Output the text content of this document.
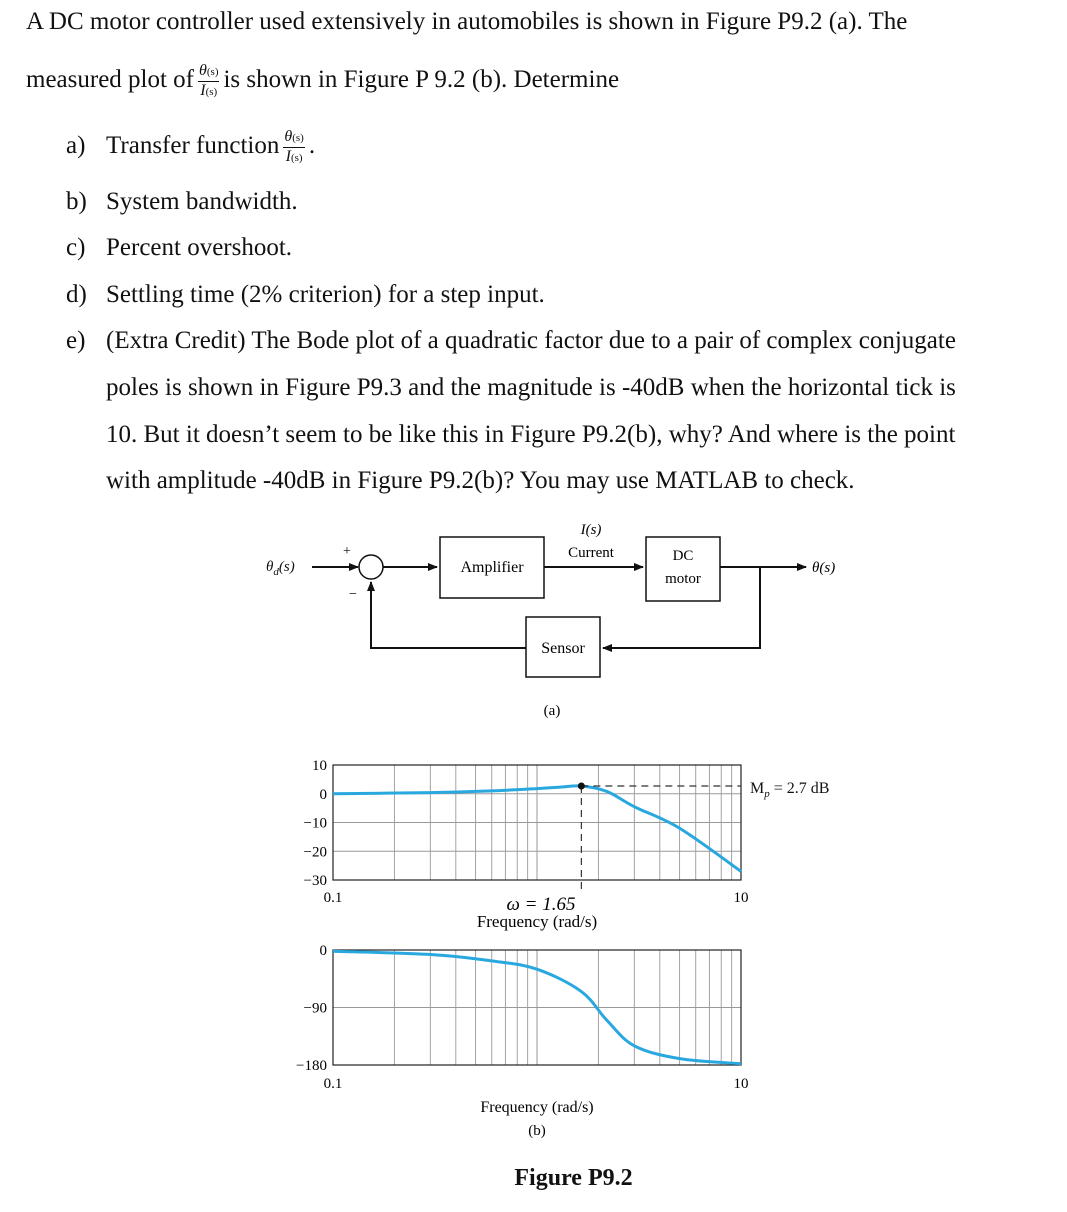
A DC motor controller used extensively in automobiles is shown in Figure P9.2 (a). The
measured plot of $\frac{\theta(s)}{I(s)}$ is shown in Figure P 9.2 (b). Determine
a) Transfer function $\frac{\theta(s)}{I(s)}$ .
b) System bandwidth.
c) Percent overshoot.
d) Settling time (2% criterion) for a step input.
e) (Extra Credit) The Bode plot of a quadratic factor due to a pair of complex conjugate
poles is shown in Figure P9.3 and the magnitude is -40dB when the horizontal tick is
10. But it doesn’t seem to be like this in Figure P9.2(b), why? And where is the point
with amplitude -40dB in Figure P9.2(b)? You may use MATLAB to check.
$\theta_d(s)$
+
−
Amplifier
I(s)
Current	DC
motor
θ(s)
Sensor
(a)
10
0
−10
−20
−30
0.1	10
$M_p = 2.7$ dB
ω = 1.65
Frequency (rad/s)
0
−90
−180
0.1	10
Frequency (rad/s)
(b)
Figure P9.2
